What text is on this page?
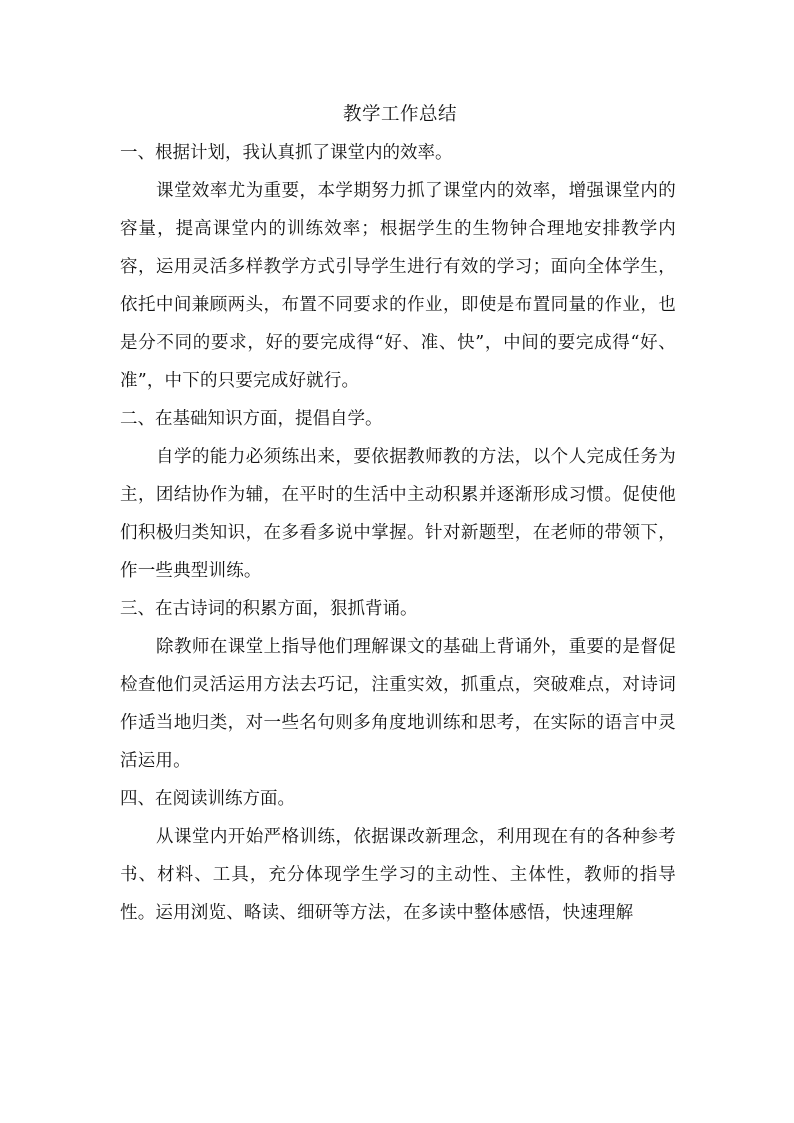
教学工作总结

一、根据计划，我认真抓了课堂内的效率。

课堂效率尤为重要，本学期努力抓了课堂内的效率，增强课堂内的容量，提高课堂内的训练效率；根据学生的生物钟合理地安排教学内容，运用灵活多样教学方式引导学生进行有效的学习；面向全体学生，依托中间兼顾两头，布置不同要求的作业，即使是布置同量的作业，也是分不同的要求，好的要完成得“好、准、快”，中间的要完成得“好、准”，中下的只要完成好就行。

二、在基础知识方面，提倡自学。

自学的能力必须练出来，要依据教师教的方法，以个人完成任务为主，团结协作为辅，在平时的生活中主动积累并逐渐形成习惯。促使他们积极归类知识，在多看多说中掌握。针对新题型，在老师的带领下，作一些典型训练。

三、在古诗词的积累方面，狠抓背诵。

除教师在课堂上指导他们理解课文的基础上背诵外，重要的是督促检查他们灵活运用方法去巧记，注重实效，抓重点，突破难点，对诗词作适当地归类，对一些名句则多角度地训练和思考，在实际的语言中灵活运用。

四、在阅读训练方面。

从课堂内开始严格训练，依据课改新理念，利用现在有的各种参考书、材料、工具，充分体现学生学习的主动性、主体性，教师的指导性。运用浏览、略读、细研等方法，在多读中整体感悟，快速理解
